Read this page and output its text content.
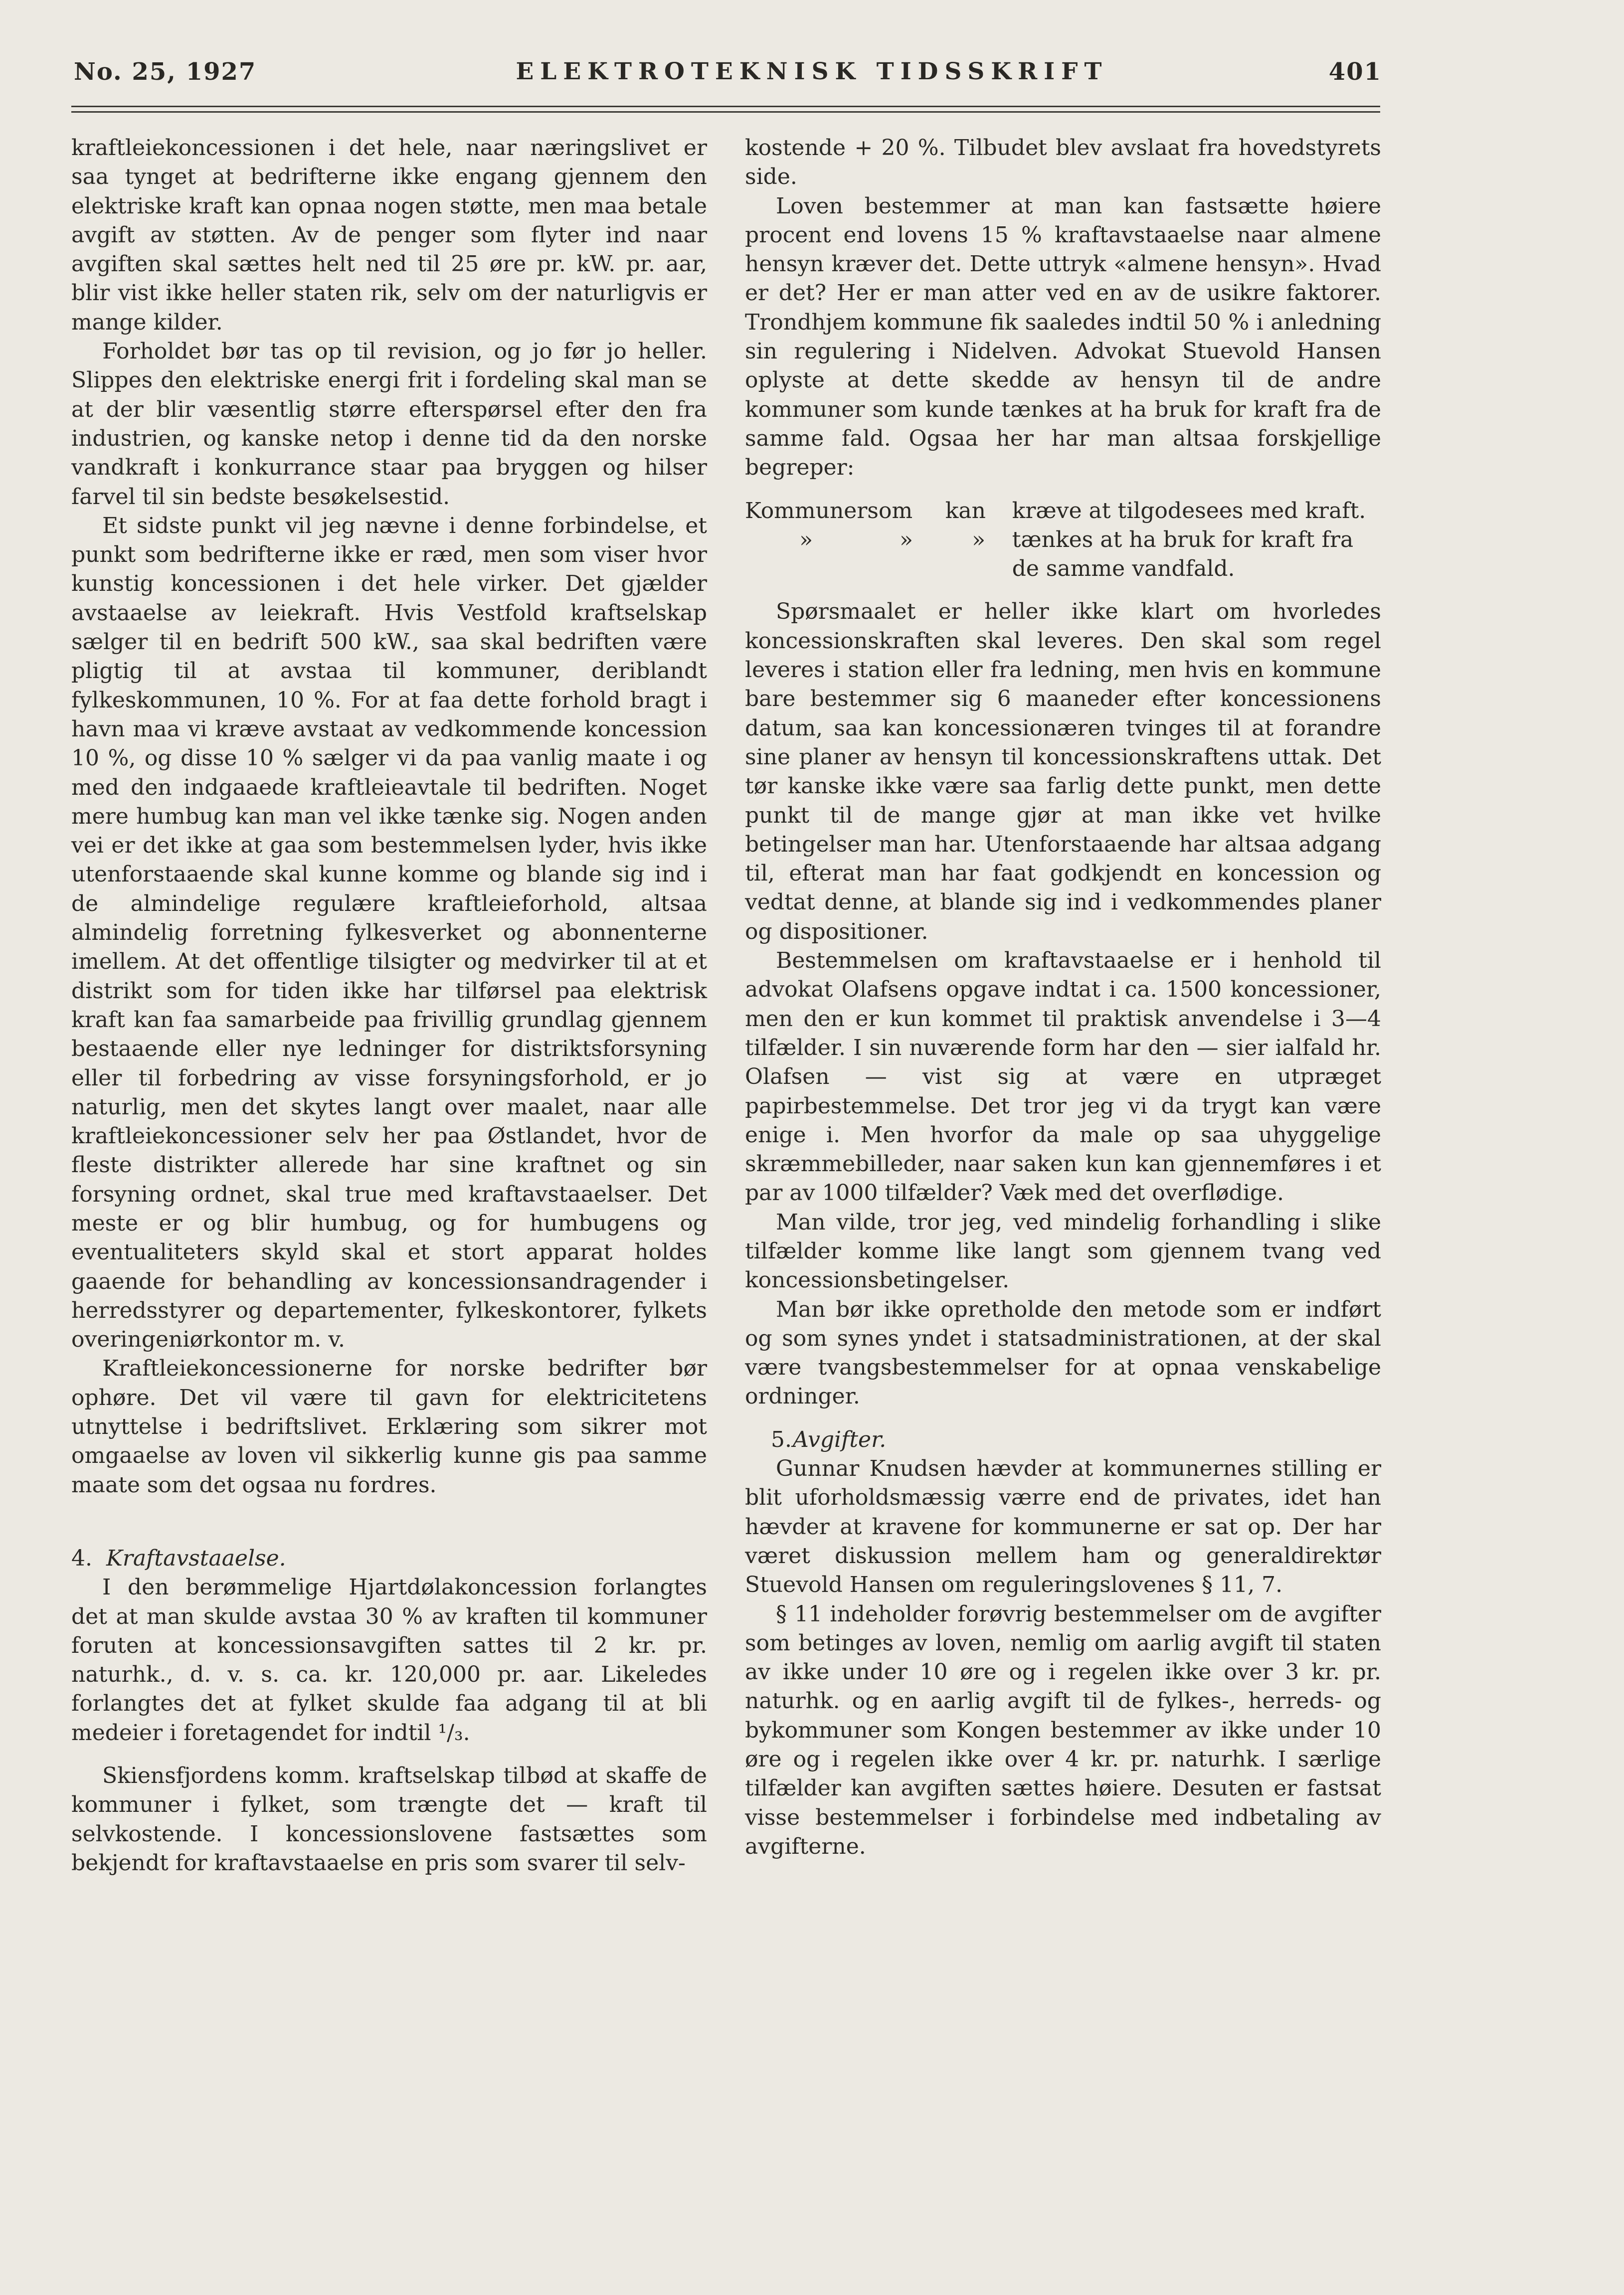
No. 25, 1927	ELEKTROTEKNISK TIDSSKRIFT	401

kraftleiekoncessionen i det hele, naar næringslivet er saa tynget at bedrifterne ikke engang gjennem den elektriske kraft kan opnaa nogen støtte, men maa betale avgift av støtten. Av de penger som flyter ind naar avgiften skal sættes helt ned til 25 øre pr. kW. pr. aar, blir vist ikke heller staten rik, selv om der naturligvis er mange kilder.

Forholdet bør tas op til revision, og jo før jo heller. Slippes den elektriske energi frit i fordeling skal man se at der blir væsentlig større efterspørsel efter den fra industrien, og kanske netop i denne tid da den norske vandkraft i konkurrance staar paa bryggen og hilser farvel til sin bedste besøkelsestid.

Et sidste punkt vil jeg nævne i denne forbindelse, et punkt som bedrifterne ikke er ræd, men som viser hvor kunstig koncessionen i det hele virker. Det gjælder avstaaelse av leiekraft. Hvis Vestfold kraftselskap sælger til en bedrift 500 kW., saa skal bedriften være pligtig til at avstaa til kommuner, deriblandt fylkeskommunen, 10 %. For at faa dette forhold bragt i havn maa vi kræve avstaat av vedkommende koncession 10 %, og disse 10 % sælger vi da paa vanlig maate i og med den indgaaede kraftleieavtale til bedriften. Noget mere humbug kan man vel ikke tænke sig. Nogen anden vei er det ikke at gaa som bestemmelsen lyder, hvis ikke utenforstaaende skal kunne komme og blande sig ind i de almindelige regulære kraftleieforhold, altsaa almindelig forretning fylkesverket og abonnenterne imellem. At det offentlige tilsigter og medvirker til at et distrikt som for tiden ikke har tilførsel paa elektrisk kraft kan faa samarbeide paa frivillig grundlag gjennem bestaaende eller nye ledninger for distriktsforsyning eller til forbedring av visse forsyningsforhold, er jo naturlig, men det skytes langt over maalet, naar alle kraftleiekoncessioner selv her paa Østlandet, hvor de fleste distrikter allerede har sine kraftnet og sin forsyning ordnet, skal true med kraftavstaaelser. Det meste er og blir humbug, og for humbugens og eventualiteters skyld skal et stort apparat holdes gaaende for behandling av koncessionsandragender i herredsstyrer og departementer, fylkeskontorer, fylkets overingeniørkontor m. v.

Kraftleiekoncessionerne for norske bedrifter bør ophøre. Det vil være til gavn for elektricitetens utnyttelse i bedriftslivet. Erklæring som sikrer mot omgaaelse av loven vil sikkerlig kunne gis paa samme maate som det ogsaa nu fordres.

4. Kraftavstaaelse.

I den berømmelige Hjartdølakoncession forlangtes det at man skulde avstaa 30 % av kraften til kommuner foruten at koncessionsavgiften sattes til 2 kr. pr. naturhk., d. v. s. ca. kr. 120,000 pr. aar. Likeledes forlangtes det at fylket skulde faa adgang til at bli medeier i foretagendet for indtil ¹/₃.

Skiensfjordens komm. kraftselskap tilbød at skaffe de kommuner i fylket, som trængte det — kraft til selvkostende. I koncessionslovene fastsættes som bekjendt for kraftavstaaelse en pris som svarer til selv-

kostende + 20 %. Tilbudet blev avslaat fra hovedstyrets side.

Loven bestemmer at man kan fastsætte høiere procent end lovens 15 % kraftavstaaelse naar almene hensyn kræver det. Dette uttryk «almene hensyn». Hvad er det? Her er man atter ved en av de usikre faktorer. Trondhjem kommune fik saaledes indtil 50 % i anledning sin regulering i Nidelven. Advokat Stuevold Hansen oplyste at dette skedde av hensyn til de andre kommuner som kunde tænkes at ha bruk for kraft fra de samme fald. Ogsaa her har man altsaa forskjellige begreper:

Kommuner	som	kan	kræve at tilgodesees med kraft.
»	»	»	tænkes at ha bruk for kraft fra
			de samme vandfald.

Spørsmaalet er heller ikke klart om hvorledes koncessionskraften skal leveres. Den skal som regel leveres i station eller fra ledning, men hvis en kommune bare bestemmer sig 6 maaneder efter koncessionens datum, saa kan koncessionæren tvinges til at forandre sine planer av hensyn til koncessionskraftens uttak. Det tør kanske ikke være saa farlig dette punkt, men dette punkt til de mange gjør at man ikke vet hvilke betingelser man har. Utenforstaaende har altsaa adgang til, efterat man har faat godkjendt en koncession og vedtat denne, at blande sig ind i vedkommendes planer og dispositioner.

Bestemmelsen om kraftavstaaelse er i henhold til advokat Olafsens opgave indtat i ca. 1500 koncessioner, men den er kun kommet til praktisk anvendelse i 3—4 tilfælder. I sin nuværende form har den — sier ialfald hr. Olafsen — vist sig at være en utpræget papirbestemmelse. Det tror jeg vi da trygt kan være enige i. Men hvorfor da male op saa uhyggelige skræmmebilleder, naar saken kun kan gjennemføres i et par av 1000 tilfælder? Væk med det overflødige.

Man vilde, tror jeg, ved mindelig forhandling i slike tilfælder komme like langt som gjennem tvang ved koncessionsbetingelser.

Man bør ikke opretholde den metode som er indført og som synes yndet i statsadministrationen, at der skal være tvangsbestemmelser for at opnaa venskabelige ordninger.

5.Avgifter.

Gunnar Knudsen hævder at kommunernes stilling er blit uforholdsmæssig værre end de privates, idet han hævder at kravene for kommunerne er sat op. Der har været diskussion mellem ham og generaldirektør Stuevold Hansen om reguleringslovenes § 11, 7.

§ 11 indeholder forøvrig bestemmelser om de avgifter som betinges av loven, nemlig om aarlig avgift til staten av ikke under 10 øre og i regelen ikke over 3 kr. pr. naturhk. og en aarlig avgift til de fylkes-, herreds- og bykommuner som Kongen bestemmer av ikke under 10 øre og i regelen ikke over 4 kr. pr. naturhk. I særlige tilfælder kan avgiften sættes høiere. Desuten er fastsat visse bestemmelser i forbindelse med indbetaling av avgifterne.
